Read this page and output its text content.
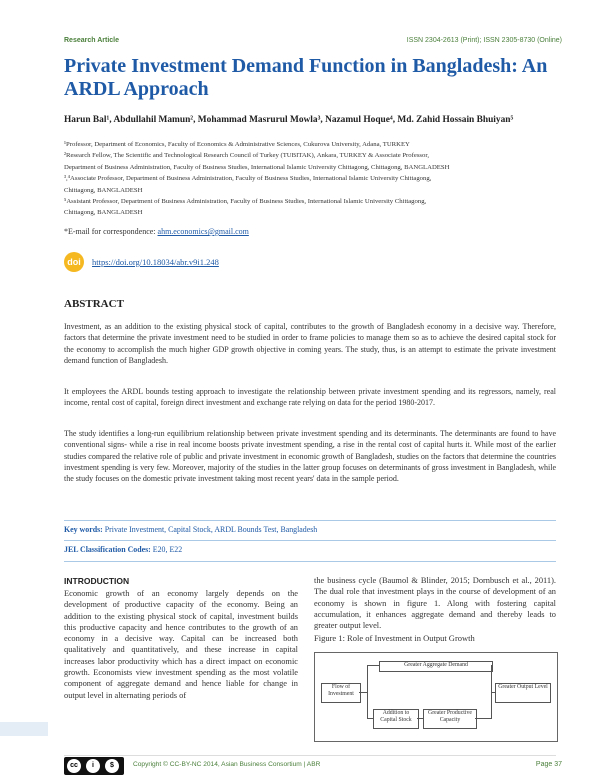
Research Article	ISSN 2304-2613 (Print); ISSN 2305-8730 (Online)
Private Investment Demand Function in Bangladesh: An
ARDL Approach
Harun Bal¹, Abdullahil Mamun², Mohammad Masrurul Mowla³, Nazamul Hoque⁴, Md. Zahid Hossain Bhuiyan⁵

¹Professor, Department of Economics, Faculty of Economics & Administrative Sciences, Cukurova University, Adana, TURKEY

²Research Fellow, The Scientific and Technological Research Council of Turkey (TUBITAK), Ankara, TURKEY & Associate Professor,

Department of Business Administration, Faculty of Business Studies, International Islamic University Chittagong, Chittagong, BANGLADESH

³,⁴Associate Professor, Department of Business Administration, Faculty of Business Studies, International Islamic University Chittagong,

Chittagong, BANGLADESH

⁵Assistant Professor, Department of Business Administration, Faculty of Business Studies, International Islamic University Chittagong,

Chittagong, BANGLADESH

*E-mail for correspondence: ahm.economics@gmail.com
doi	https://doi.org/10.18034/abr.v9i1.248
ABSTRACT

Investment, as an addition to the existing physical stock of capital, contributes to the growth of Bangladesh economy in a decisive way. Therefore, factors that determine the private investment need to be studied in order to frame policies to manage them so as to achieve the desired capital stock for the economy to accomplish the much higher GDP growth objective in coming years. The study, thus, is an attempt to estimate the private investment demand function of Bangladesh.

It employees the ARDL bounds testing approach to investigate the relationship between private investment spending and its regressors, namely, real income, rental cost of capital, foreign direct investment and exchange rate relying on data for the period 1980-2017.

The study identifies a long-run equilibrium relationship between private investment spending and its determinants. The determinants are found to have conventional signs- while a rise in real income boosts private investment spending, a rise in the rental cost of capital hurts it. While most of the earlier studies compared the relative role of public and private investment in economic growth of Bangladesh, studies on the factors that determine the countries investment spending is very few. Moreover, majority of the studies in the latter group focuses on determinants of gross investment in Bangladesh, while the study focuses on the domestic private investment taking most recent years' data in the sample period.

Key words: Private Investment, Capital Stock, ARDL Bounds Test, Bangladesh
JEL Classification Codes: E20, E22
INTRODUCTION

Economic growth of an economy largely depends on the development of productive capacity of the economy. Being an addition to the existing physical stock of capital, investment builds this productive capacity and hence contributes to the growth of an economy in a decisive way. Capital can be increased both qualitatively and quantitatively, and these increase in capital increases labor productivity which has a direct impact on economic growth. Economists view investment spending as the most volatile component of aggregate demand and hence liable for change in output level in alternating periods of

the business cycle (Baumol & Blinder, 2015; Dornbusch et al., 2011). The dual role that investment plays in the course of development of an economy is shown in figure 1. Along with fostering capital accumulation, it enhances aggregate demand and thereby leads to greater output level.

Figure 1: Role of Investment in Output Growth
Flow of Investment
Greater Aggregate Demand
Addition to Capital Stock
Greater Productive Capacity
Greater Output Level
cc	i	$	Copyright © CC-BY-NC 2014, Asian Business Consortium | ABR	Page 37
